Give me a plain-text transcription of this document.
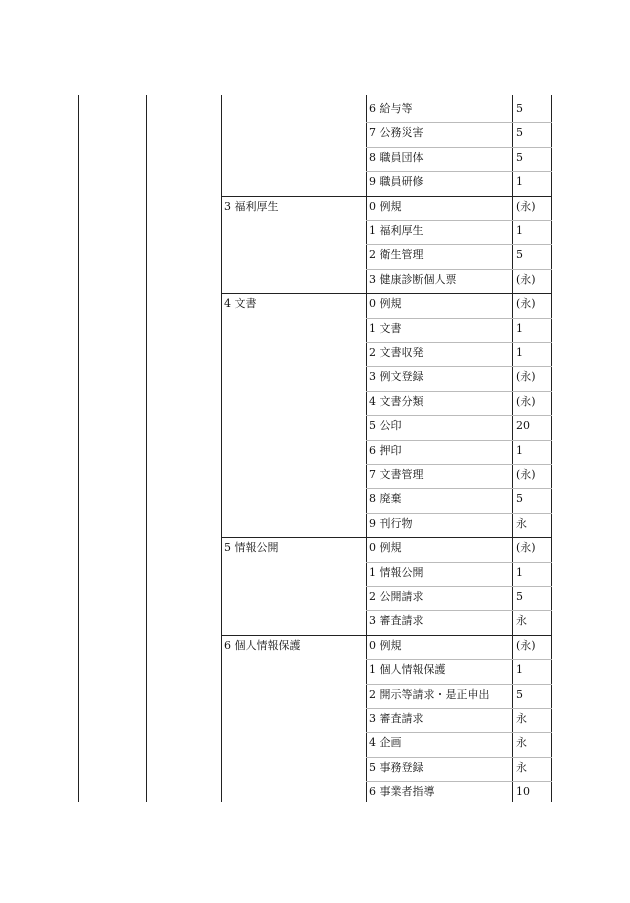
6 給与等	5
7 公務災害	5
8 職員団体	5
9 職員研修	1
3 福利厚生	0 例規	(永)
1 福利厚生	1
2 衛生管理	5
3 健康診断個人票	(永)
4 文書	0 例規	(永)
1 文書	1
2 文書収発	1
3 例文登録	(永)
4 文書分類	(永)
5 公印	20
6 押印	1
7 文書管理	(永)
8 廃棄	5
9 刊行物	永
5 情報公開	0 例規	(永)
1 情報公開	1
2 公開請求	5
3 審査請求	永
6 個人情報保護	0 例規	(永)
1 個人情報保護	1
2 開示等請求・是正申出 5
3 審査請求	永
4 企画	永
5 事務登録	永
6 事業者指導	10
